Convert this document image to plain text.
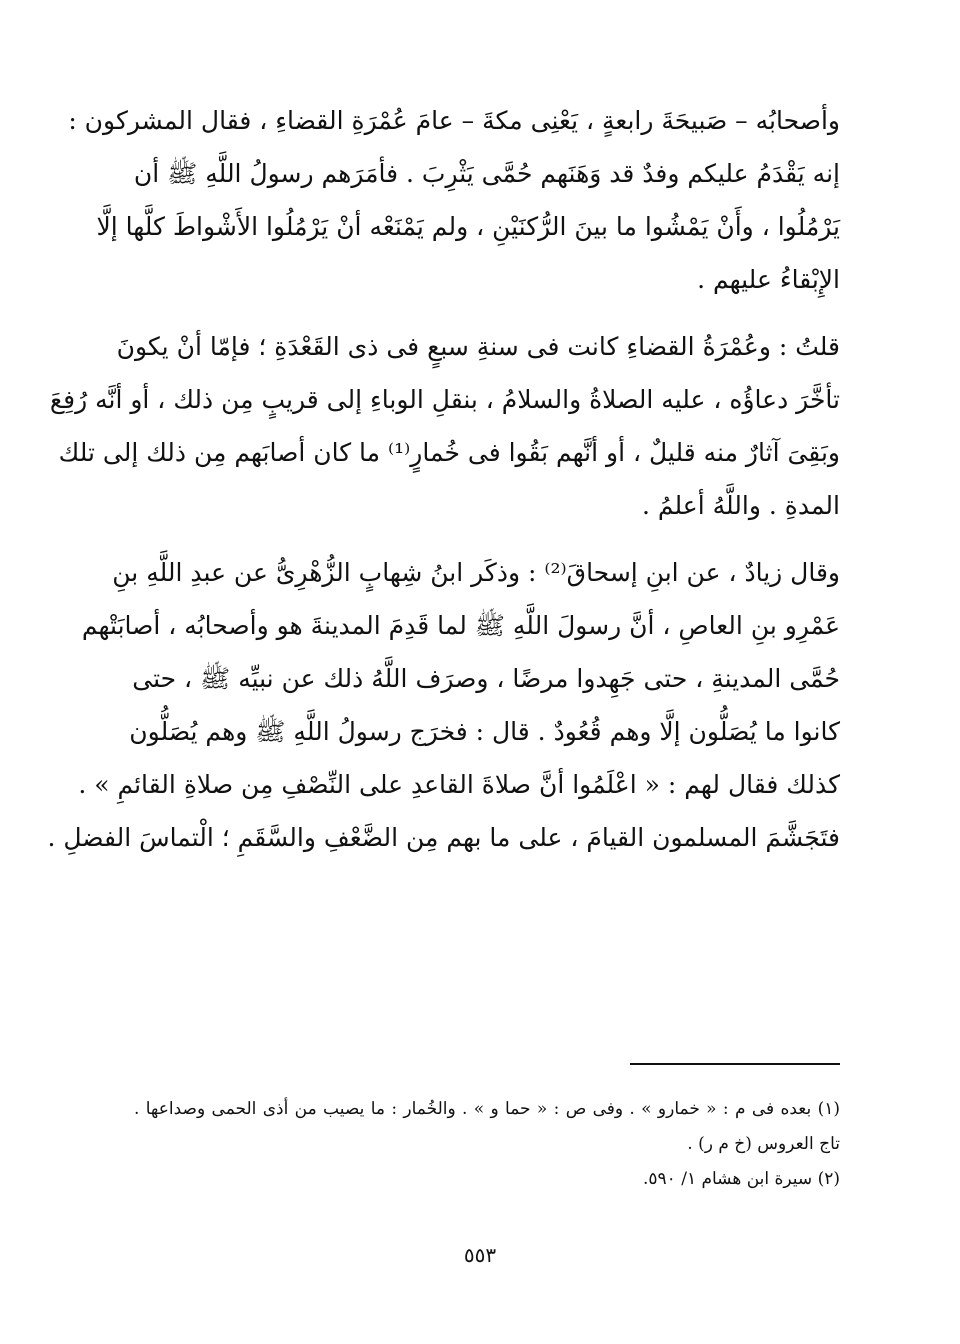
وأصحابُه – صَبيحَةَ رابعةٍ ، يَعْنِى مكةَ – عامَ عُمْرَةِ القضاءِ ، فقال المشركون :
إنه يَقْدَمُ عليكم وفدٌ قد وَهَنَهم حُمَّى يَثْرِبَ . فأمَرَهم رسولُ اللَّهِ ﷺ أن
يَرْمُلُوا ، وأَنْ يَمْشُوا ما بينَ الرُّكنَيْنِ ، ولم يَمْنَعْه أنْ يَرْمُلُوا الأَشْواطَ كلَّها إلَّا
الإِبْقاءُ عليهم .

قلتُ : وعُمْرَةُ القضاءِ كانت فى سنةِ سبعٍ فى ذى القَعْدَةِ ؛ فإمّا أنْ يكونَ
تأخَّرَ دعاؤُه ، عليه الصلاةُ والسلامُ ، بنقلِ الوباءِ إلى قريبٍ مِن ذلك ، أو أنَّه رُفِعَ
وبَقِىَ آثارٌ منه قليلٌ ، أو أنَّهم بَقُوا فى خُمارٍ⁽¹⁾ ما كان أصابَهم مِن ذلك إلى تلك
المدةِ . واللَّهُ أعلمُ .

وقال زيادٌ ، عن ابنِ إسحاقَ⁽²⁾ : وذكَر ابنُ شِهابٍ الزُّهْرِىُّ عن عبدِ اللَّهِ بنِ
عَمْرِو بنِ العاصِ ، أنَّ رسولَ اللَّهِ ﷺ لما قَدِمَ المدينةَ هو وأصحابُه ، أصابَتْهم
حُمَّى المدينةِ ، حتى جَهِدوا مرضًا ، وصرَف اللَّهُ ذلك عن نبيِّه ﷺ ، حتى
كانوا ما يُصَلُّون إلَّا وهم قُعُودٌ . قال : فخرَج رسولُ اللَّهِ ﷺ وهم يُصَلُّون
كذلك فقال لهم : « اعْلَمُوا أنَّ صلاةَ القاعدِ على النِّصْفِ مِن صلاةِ القائمِ » .
فتَجَشَّمَ المسلمون القيامَ ، على ما بهم مِن الضَّعْفِ والسَّقَمِ ؛ الْتماسَ الفضلِ .

(١) بعده فى م : « خمارو » . وفى ص : « حما و » . والخُمار : ما يصيب من أذى الحمى وصداعها .
تاج العروس (خ م ر) .
(٢) سيرة ابن هشام ١/ ٥٩٠.
٥٥٣
